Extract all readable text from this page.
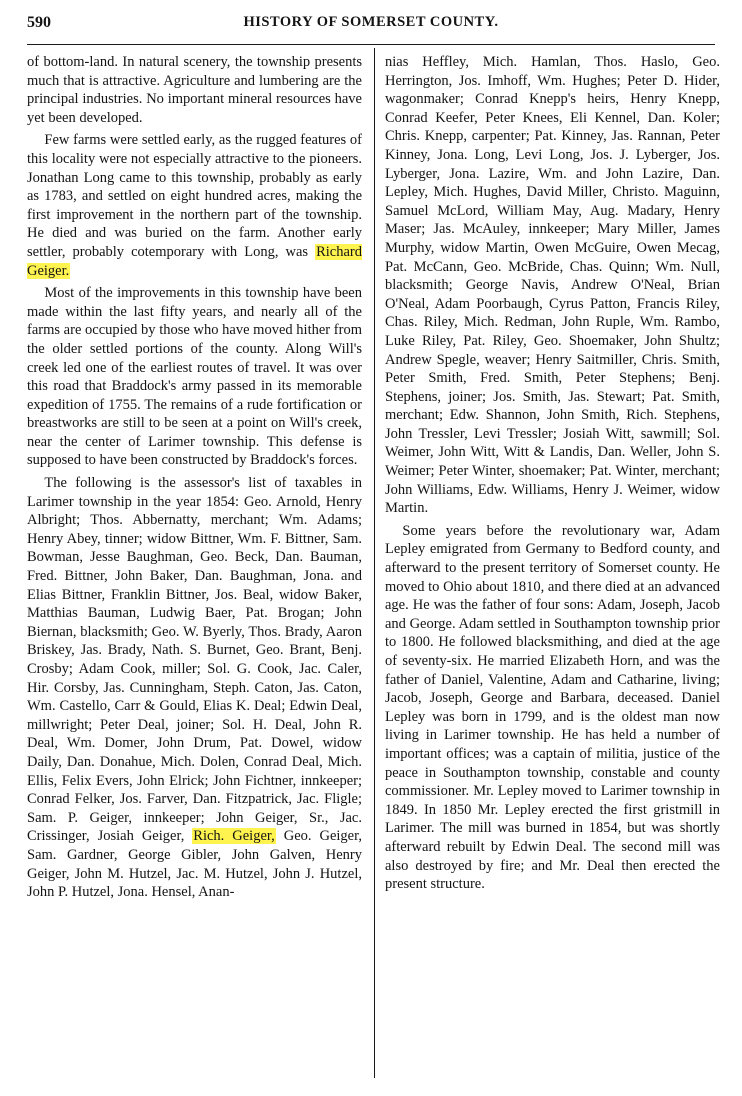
590	HISTORY OF SOMERSET COUNTY.

of bottom-land. In natural scenery, the township presents much that is attractive. Agriculture and lumbering are the principal industries. No important mineral resources have yet been developed.

Few farms were settled early, as the rugged features of this locality were not especially attractive to the pioneers. Jonathan Long came to this township, probably as early as 1783, and settled on eight hundred acres, making the first improvement in the northern part of the township. He died and was buried on the farm. Another early settler, probably cotemporary with Long, was Richard Geiger.

Most of the improvements in this township have been made within the last fifty years, and nearly all of the farms are occupied by those who have moved hither from the older settled portions of the county. Along Will's creek led one of the earliest routes of travel. It was over this road that Braddock's army passed in its memorable expedition of 1755. The remains of a rude fortification or breastworks are still to be seen at a point on Will's creek, near the center of Larimer township. This defense is supposed to have been constructed by Braddock's forces.

The following is the assessor's list of taxables in Larimer township in the year 1854: Geo. Arnold, Henry Albright; Thos. Abbernatty, merchant; Wm. Adams; Henry Abey, tinner; widow Bittner, Wm. F. Bittner, Sam. Bowman, Jesse Baughman, Geo. Beck, Dan. Bauman, Fred. Bittner, John Baker, Dan. Baughman, Jona. and Elias Bittner, Franklin Bittner, Jos. Beal, widow Baker, Matthias Bauman, Ludwig Baer, Pat. Brogan; John Biernan, blacksmith; Geo. W. Byerly, Thos. Brady, Aaron Briskey, Jas. Brady, Nath. S. Burnet, Geo. Brant, Benj. Crosby; Adam Cook, miller; Sol. G. Cook, Jac. Caler, Hir. Corsby, Jas. Cunningham, Steph. Caton, Jas. Caton, Wm. Castello, Carr & Gould, Elias K. Deal; Edwin Deal, millwright; Peter Deal, joiner; Sol. H. Deal, John R. Deal, Wm. Domer, John Drum, Pat. Dowel, widow Daily, Dan. Donahue, Mich. Dolen, Conrad Deal, Mich. Ellis, Felix Evers, John Elrick; John Fichtner, innkeeper; Conrad Felker, Jos. Farver, Dan. Fitzpatrick, Jac. Fligle; Sam. P. Geiger, innkeeper; John Geiger, Sr., Jac. Crissinger, Josiah Geiger, Rich. Geiger, Geo. Geiger, Sam. Gardner, George Gibler, John Galven, Henry Geiger, John M. Hutzel, Jac. M. Hutzel, John J. Hutzel, John P. Hutzel, Jona. Hensel, Anan-

nias Heffley, Mich. Hamlan, Thos. Haslo, Geo. Herrington, Jos. Imhoff, Wm. Hughes; Peter D. Hider, wagonmaker; Conrad Knepp's heirs, Henry Knepp, Conrad Keefer, Peter Knees, Eli Kennel, Dan. Koler; Chris. Knepp, carpenter; Pat. Kinney, Jas. Rannan, Peter Kinney, Jona. Long, Levi Long, Jos. J. Lyberger, Jos. Lyberger, Jona. Lazire, Wm. and John Lazire, Dan. Lepley, Mich. Hughes, David Miller, Christo. Maguinn, Samuel McLord, William May, Aug. Madary, Henry Maser; Jas. McAuley, innkeeper; Mary Miller, James Murphy, widow Martin, Owen McGuire, Owen Mecag, Pat. McCann, Geo. McBride, Chas. Quinn; Wm. Null, blacksmith; George Navis, Andrew O'Neal, Brian O'Neal, Adam Poorbaugh, Cyrus Patton, Francis Riley, Chas. Riley, Mich. Redman, John Ruple, Wm. Rambo, Luke Riley, Pat. Riley, Geo. Shoemaker, John Shultz; Andrew Spegle, weaver; Henry Saitmiller, Chris. Smith, Peter Smith, Fred. Smith, Peter Stephens; Benj. Stephens, joiner; Jos. Smith, Jas. Stewart; Pat. Smith, merchant; Edw. Shannon, John Smith, Rich. Stephens, John Tressler, Levi Tressler; Josiah Witt, sawmill; Sol. Weimer, John Witt, Witt & Landis, Dan. Weller, John S. Weimer; Peter Winter, shoemaker; Pat. Winter, merchant; John Williams, Edw. Williams, Henry J. Weimer, widow Martin.

Some years before the revolutionary war, Adam Lepley emigrated from Germany to Bedford county, and afterward to the present territory of Somerset county. He moved to Ohio about 1810, and there died at an advanced age. He was the father of four sons: Adam, Joseph, Jacob and George. Adam settled in Southampton township prior to 1800. He followed blacksmithing, and died at the age of seventy-six. He married Elizabeth Horn, and was the father of Daniel, Valentine, Adam and Catharine, living; Jacob, Joseph, George and Barbara, deceased. Daniel Lepley was born in 1799, and is the oldest man now living in Larimer township. He has held a number of important offices; was a captain of militia, justice of the peace in Southampton township, constable and county commissioner. Mr. Lepley moved to Larimer township in 1849. In 1850 Mr. Lepley erected the first gristmill in Larimer. The mill was burned in 1854, but was shortly afterward rebuilt by Edwin Deal. The second mill was also destroyed by fire; and Mr. Deal then erected the present structure.
